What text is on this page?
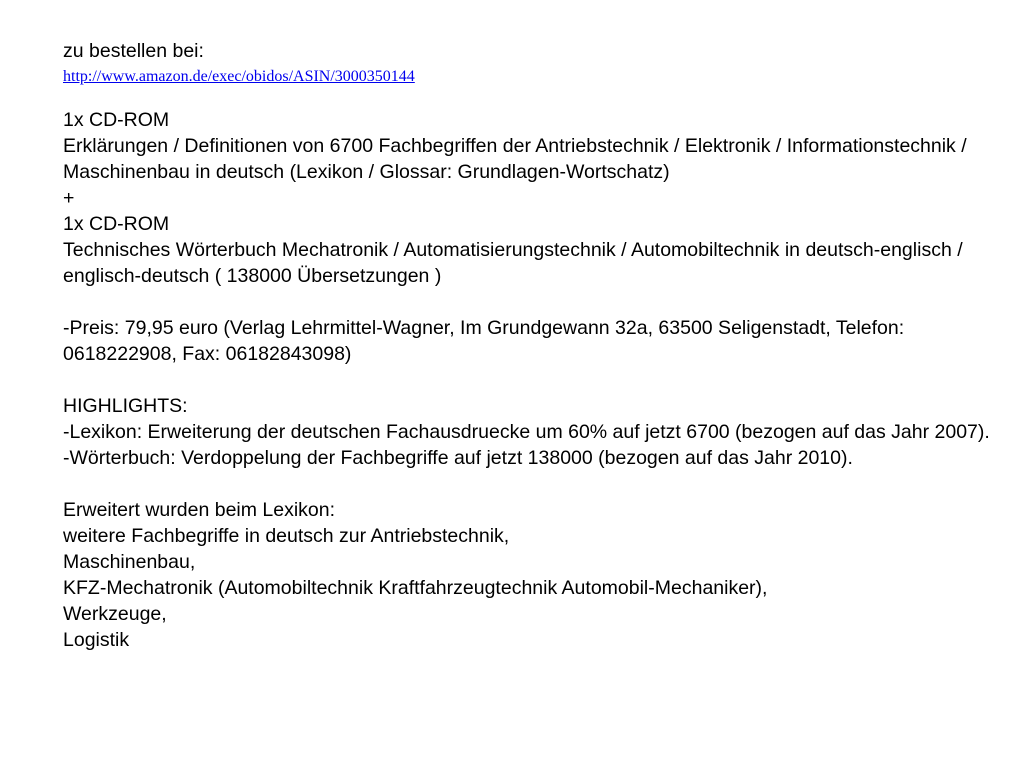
zu bestellen bei:

http://www.amazon.de/exec/obidos/ASIN/3000350144

1x CD-ROM

Erklärungen / Definitionen von 6700 Fachbegriffen der Antriebstechnik / Elektronik / Informationstechnik / Maschinenbau in deutsch (Lexikon / Glossar: Grundlagen-Wortschatz)

+

1x CD-ROM

Technisches Wörterbuch Mechatronik / Automatisierungstechnik / Automobiltechnik in deutsch-englisch / englisch-deutsch ( 138000 Übersetzungen )

-Preis: 79,95 euro (Verlag Lehrmittel-Wagner, Im Grundgewann 32a, 63500 Seligenstadt, Telefon: 0618222908, Fax: 06182843098)

HIGHLIGHTS:

-Lexikon: Erweiterung der deutschen Fachausdruecke um 60% auf jetzt 6700 (bezogen auf das Jahr 2007).

-Wörterbuch: Verdoppelung der Fachbegriffe auf jetzt 138000 (bezogen auf das Jahr 2010).

Erweitert wurden beim Lexikon:

weitere Fachbegriffe in deutsch zur Antriebstechnik,

Maschinenbau,

KFZ-Mechatronik (Automobiltechnik Kraftfahrzeugtechnik Automobil-Mechaniker),

Werkzeuge,

Logistik
